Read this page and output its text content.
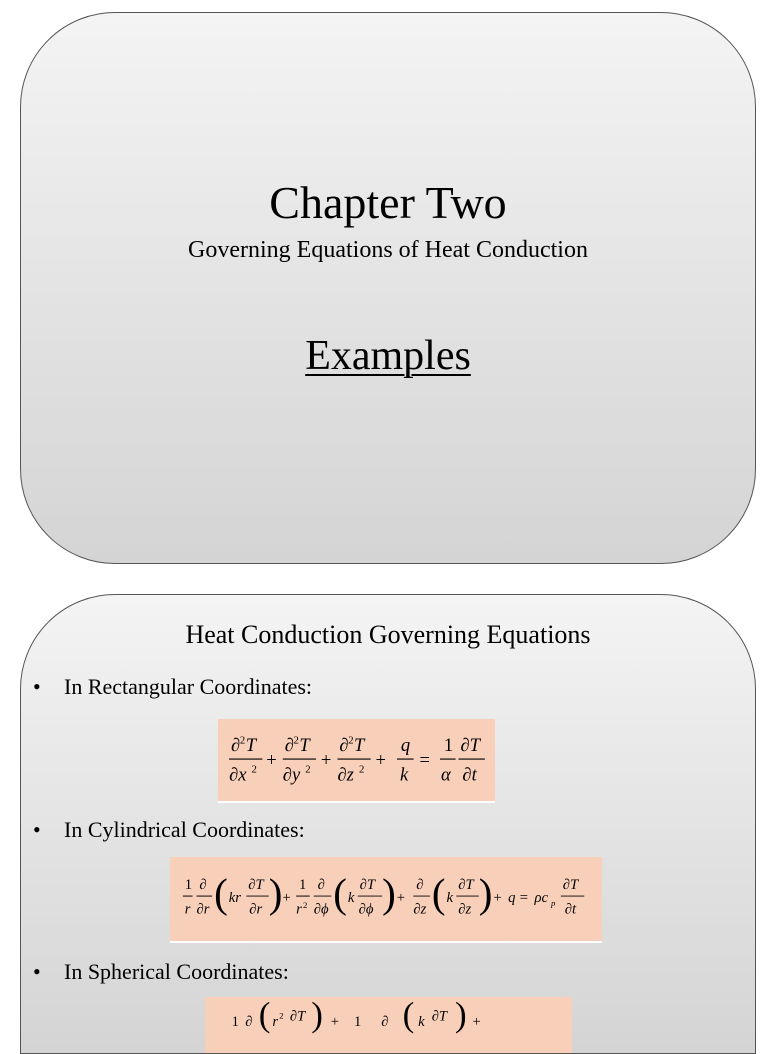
Chapter Two
Governing Equations of Heat Conduction
Examples
Heat Conduction Governing Equations
•	In Rectangular Coordinates:
∂ 2 T
∂x 2 +
∂ 2 T
∂y 2 +
∂ 2 T
∂z 2 +
q
k
=
1
α
∂T
∂t
•	In Cylindrical Coordinates:
1
r
∂
∂r ( kr
∂T
∂r ) +
1
r 2
∂
∂ϕ ( k
∂T
∂ϕ ) +
∂
∂z ( k
∂T
∂z ) + q = ρc p
∂T
∂t
•	In Spherical Coordinates:
1 ∂ ( r 2 ∂T ) + 1 ∂ ( k ∂T ) +
